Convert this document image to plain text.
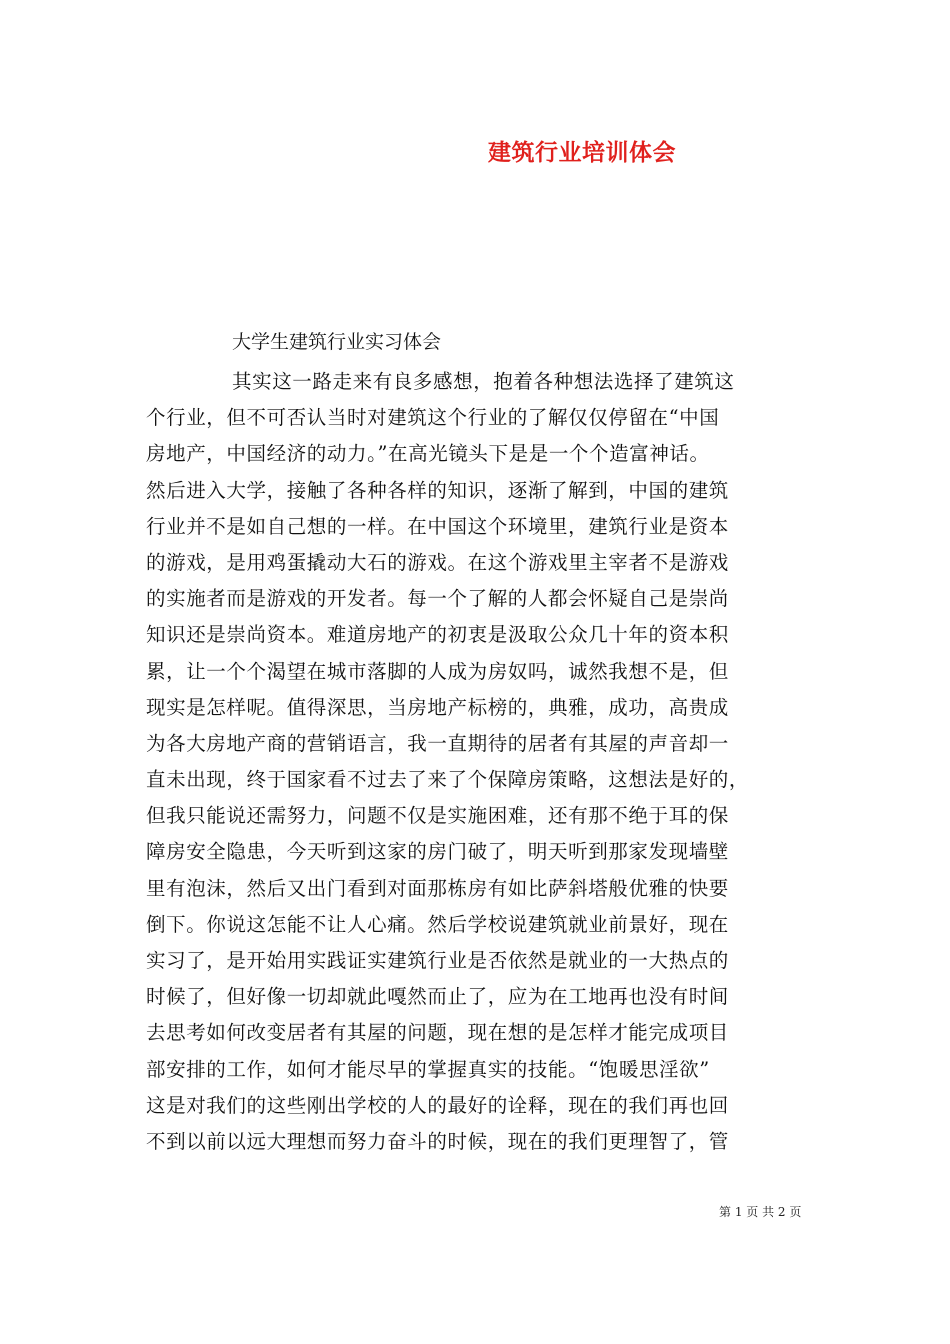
建筑行业培训体会
大学生建筑行业实习体会
其实这一路走来有良多感想，抱着各种想法选择了建筑这
个行业，但不可否认当时对建筑这个行业的了解仅仅停留在“中国
房地产，中国经济的动力。”在高光镜头下是是一个个造富神话。
然后进入大学，接触了各种各样的知识，逐渐了解到，中国的建筑
行业并不是如自己想的一样。在中国这个环境里，建筑行业是资本
的游戏，是用鸡蛋撬动大石的游戏。在这个游戏里主宰者不是游戏
的实施者而是游戏的开发者。每一个了解的人都会怀疑自己是崇尚
知识还是崇尚资本。难道房地产的初衷是汲取公众几十年的资本积
累，让一个个渴望在城市落脚的人成为房奴吗，诚然我想不是，但
现实是怎样呢。值得深思，当房地产标榜的，典雅，成功，高贵成
为各大房地产商的营销语言，我一直期待的居者有其屋的声音却一
直未出现，终于国家看不过去了来了个保障房策略，这想法是好的，
但我只能说还需努力，问题不仅是实施困难，还有那不绝于耳的保
障房安全隐患，今天听到这家的房门破了，明天听到那家发现墙壁
里有泡沫，然后又出门看到对面那栋房有如比萨斜塔般优雅的快要
倒下。你说这怎能不让人心痛。然后学校说建筑就业前景好，现在
实习了，是开始用实践证实建筑行业是否依然是就业的一大热点的
时候了，但好像一切却就此嘎然而止了，应为在工地再也没有时间
去思考如何改变居者有其屋的问题，现在想的是怎样才能完成项目
部安排的工作，如何才能尽早的掌握真实的技能。“饱暖思淫欲”
这是对我们的这些刚出学校的人的最好的诠释，现在的我们再也回
不到以前以远大理想而努力奋斗的时候，现在的我们更理智了，管
第 1 页 共 2 页
